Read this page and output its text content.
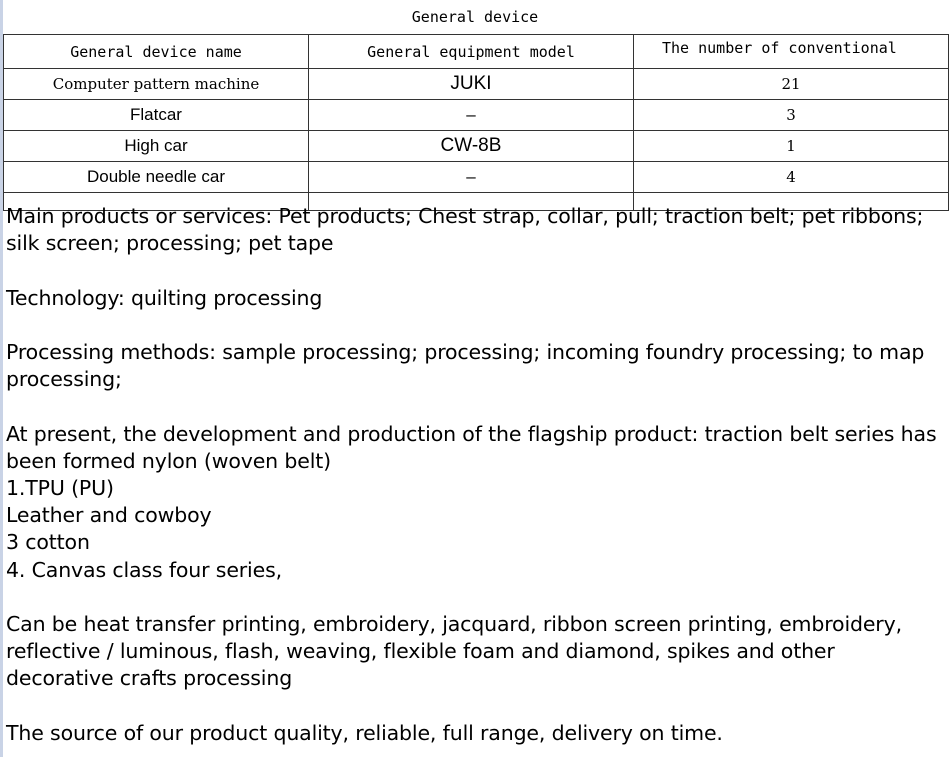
General device
General device name	General equipment model	The number of conventional
Computer pattern machine	JUKI	21
Flatcar	–	3
High car	CW-8B	1
Double needle car	–	4

Main products or services: Pet products; Chest strap, collar, pull; traction belt; pet ribbons; silk screen; processing; pet tape

Technology: quilting processing

Processing methods: sample processing; processing; incoming foundry processing; to map processing;

At present, the development and production of the flagship product: traction belt series has been formed nylon (woven belt)
1.TPU (PU)
Leather and cowboy
3 cotton
4. Canvas class four series,

Can be heat transfer printing, embroidery, jacquard, ribbon screen printing, embroidery, reflective / luminous, flash, weaving, flexible foam and diamond, spikes and other decorative crafts processing

The source of our product quality, reliable, full range, delivery on time.
